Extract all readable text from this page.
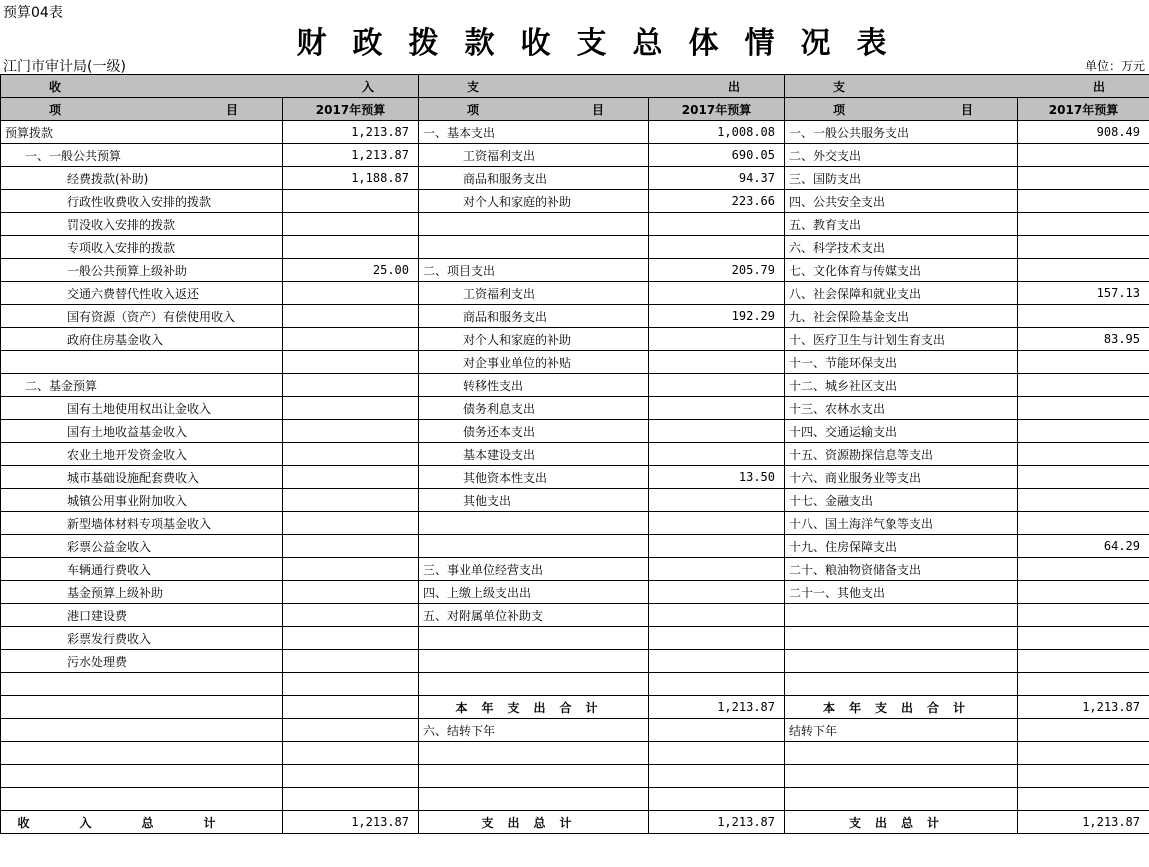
预算04表
财政拨款收支总体情况表
江门市审计局(一级)	单位：万元
收 入		支 出		支 出	

项 目	2017年预算	项 目	2017年预算	项 目	2017年预算
预算拨款	1,213.87	一、基本支出	1,008.08	一、一般公共服务支出	908.49
一、一般公共预算	1,213.87	工资福利支出	690.05	二、外交支出	
经费拨款(补助)	1,188.87	商品和服务支出	94.37	三、国防支出	
行政性收费收入安排的拨款		对个人和家庭的补助	223.66	四、公共安全支出	
罚没收入安排的拨款				五、教育支出	
专项收入安排的拨款				六、科学技术支出	
一般公共预算上级补助	25.00	二、项目支出	205.79	七、文化体育与传媒支出	
交通六费替代性收入返还		工资福利支出		八、社会保障和就业支出	157.13
国有资源（资产）有偿使用收入		商品和服务支出	192.29	九、社会保险基金支出	
政府住房基金收入		对个人和家庭的补助		十、医疗卫生与计划生育支出	83.95
		对企事业单位的补贴		十一、节能环保支出	
二、基金预算		转移性支出		十二、城乡社区支出	
国有土地使用权出让金收入		债务利息支出		十三、农林水支出	
国有土地收益基金收入		债务还本支出		十四、交通运输支出	
农业土地开发资金收入		基本建设支出		十五、资源勘探信息等支出	
城市基础设施配套费收入		其他资本性支出	13.50	十六、商业服务业等支出	
城镇公用事业附加收入		其他支出		十七、金融支出	
新型墙体材料专项基金收入				十八、国土海洋气象等支出	
彩票公益金收入				十九、住房保障支出	64.29
车辆通行费收入		三、事业单位经营支出		二十、粮油物资储备支出	
基金预算上级补助		四、上缴上级支出出		二十一、其他支出	
港口建设费		五、对附属单位补助支			
彩票发行费收入					
污水处理费					

		本年支出合计	1,213.87	本年支出合计	1,213.87
		六、结转下年		结转下年	

收入总计	1,213.87	支出总计	1,213.87	支出总计	1,213.87
